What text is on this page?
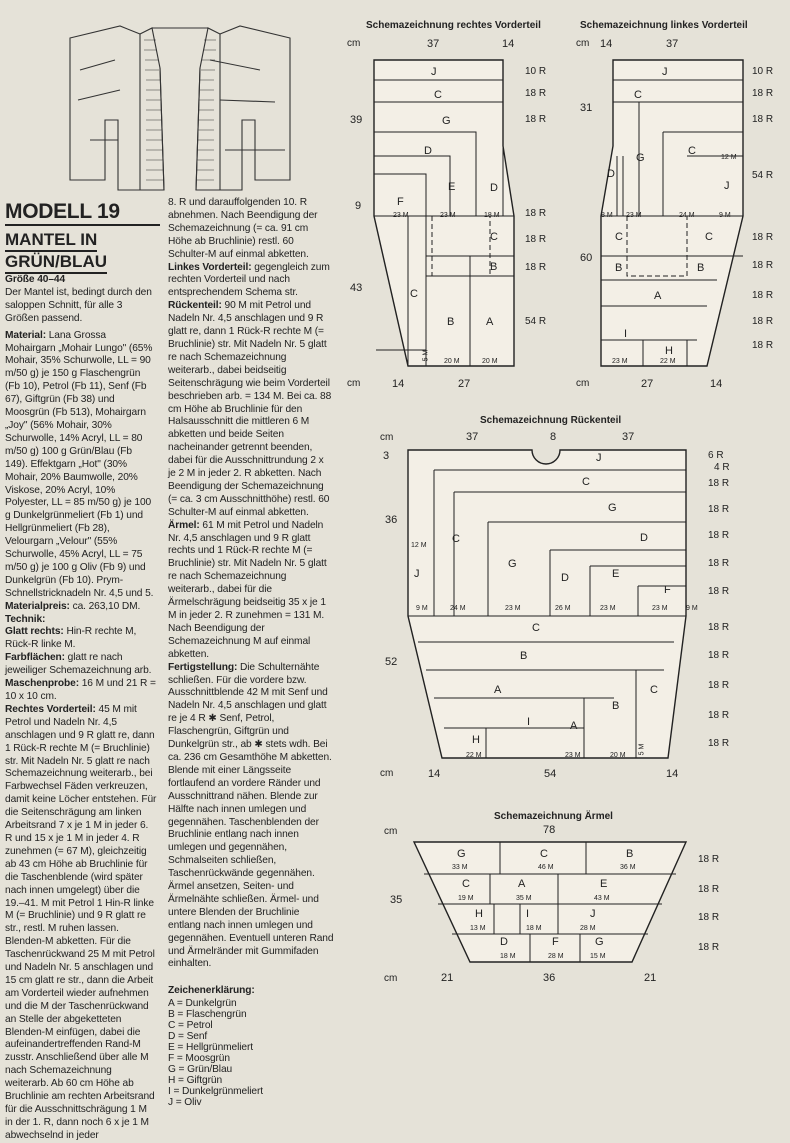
MODELL 19
MANTEL IN
GRÜN/BLAU

Größe 40–44

Der Mantel ist, bedingt durch den saloppen Schnitt, für alle 3 Größen passend.

Material: Lana Grossa Mohairgarn „Mohair Lungo" (65% Mohair, 35% Schurwolle, LL = 90 m/50 g) je 150 g Flaschengrün (Fb 10), Petrol (Fb 11), Senf (Fb 67), Giftgrün (Fb 38) und Moosgrün (Fb 513), Mohairgarn „Joy" (56% Mohair, 30% Schurwolle, 14% Acryl, LL = 80 m/50 g) 100 g Grün/Blau (Fb 149). Effektgarn „Hot" (30% Mohair, 20% Baumwolle, 20% Viskose, 20% Acryl, 10% Polyester, LL = 85 m/50 g) je 100 g Dunkelgrünmeliert (Fb 1) und Hellgrünmeliert (Fb 28), Velourgarn „Velour" (55% Schurwolle, 45% Acryl, LL = 75 m/50 g) je 100 g Oliv (Fb 9) und Dunkelgrün (Fb 10). Prym-Schnellstricknadeln Nr. 4,5 und 5.

Materialpreis: ca. 263,10 DM.

Technik:

Glatt rechts: Hin-R rechte M, Rück-R linke M.

Farbflächen: glatt re nach jeweiliger Schemazeichnung arb.

Maschenprobe: 16 M und 21 R = 10 x 10 cm.

Rechtes Vorderteil: 45 M mit Petrol und Nadeln Nr. 4,5 anschlagen und 9 R glatt re, dann 1 Rück-R rechte M (= Bruchlinie) str. Mit Nadeln Nr. 5 glatt re nach Schemazeichnung weiterarb., bei Farbwechsel Fäden verkreuzen, damit keine Löcher entstehen. Für die Seitenschrägung am linken Arbeitsrand 7 x je 1 M in jeder 6. R und 15 x je 1 M in jeder 4. R zunehmen (= 67 M), gleichzeitig ab 43 cm Höhe ab Bruchlinie für die Taschenblende (wird später nach innen umgelegt) über die 19.–41. M mit Petrol 1 Hin-R linke M (= Bruchlinie) und 9 R glatt re str., restl. M ruhen lassen. Blenden-M abketten. Für die Taschenrückwand 25 M mit Petrol und Nadeln Nr. 5 anschlagen und 15 cm glatt re str., dann die Arbeit am Vorderteil wieder aufnehmen und die M der Taschenrückwand an Stelle der abgeketteten Blenden-M einfügen, dabei die aufeinandertreffenden Rand-M zusstr. Anschließend über alle M nach Schemazeichnung weiterarb. Ab 60 cm Höhe ab Bruchlinie am rechten Arbeitsrand für die Ausschnittschrägung 1 M in der 1. R, dann noch 6 x je 1 M abwechselnd in jeder

8. R und darauffolgenden 10. R abnehmen. Nach Beendigung der Schemazeichnung (= ca. 91 cm Höhe ab Bruchlinie) restl. 60 Schulter-M auf einmal abketten.

Linkes Vorderteil: gegengleich zum rechten Vorderteil und nach entsprechendem Schema str.

Rückenteil: 90 M mit Petrol und Nadeln Nr. 4,5 anschlagen und 9 R glatt re, dann 1 Rück-R rechte M (= Bruchlinie) str. Mit Nadeln Nr. 5 glatt re nach Schemazeichnung weiterarb., dabei beidseitig Seitenschrägung wie beim Vorderteil beschrieben arb. = 134 M. Bei ca. 88 cm Höhe ab Bruchlinie für den Halsausschnitt die mittleren 6 M abketten und beide Seiten nacheinander getrennt beenden, dabei für die Ausschnittrundung 2 x je 2 M in jeder 2. R abketten. Nach Beendigung der Schemazeichnung (= ca. 3 cm Ausschnitthöhe) restl. 60 Schulter-M auf einmal abketten.

Ärmel: 61 M mit Petrol und Nadeln Nr. 4,5 anschlagen und 9 R glatt rechts und 1 Rück-R rechte M (= Bruchlinie) str. Mit Nadeln Nr. 5 glatt re nach Schemazeichnung weiterarb., dabei für die Ärmelschrägung beidseitig 35 x je 1 M in jeder 2. R zunehmen = 131 M. Nach Beendigung der Schemazeichnung M auf einmal abketten.

Fertigstellung: Die Schulternähte schließen. Für die vordere bzw. Ausschnittblende 42 M mit Senf und Nadeln Nr. 4,5 anschlagen und glatt re je 4 R ✱ Senf, Petrol, Flaschengrün, Giftgrün und Dunkelgrün str., ab ✱ stets wdh. Bei ca. 236 cm Gesamthöhe M abketten. Blende mit einer Längsseite fortlaufend an vordere Ränder und Ausschnittrand nähen. Blende zur Hälfte nach innen umlegen und gegennähen. Taschenblenden der Bruchlinie entlang nach innen umlegen und gegennähen, Schmalseiten schließen, Taschenrückwände gegennähen. Ärmel ansetzen, Seiten- und Ärmelnähte schließen. Ärmel- und untere Blenden der Bruchlinie entlang nach innen umlegen und gegennähen. Eventuell unteren Rand und Ärmelränder mit Gummifaden einhalten.

Zeichenerklärung:

A = Dunkelgrün
B = Flaschengrün
C = Petrol
D = Senf
E = Hellgrünmeliert
F = Moosgrün
G = Grün/Blau
H = Giftgrün
I = Dunkelgrünmeliert
J = Oliv
Schemazeichnung rechtes Vorderteil	Schemazeichnung linkes Vorderteil
Schemazeichnung Rückenteil
Schemazeichnung Ärmel
J
C
G
D
E	D
F
C
C
B
B	A
23 M	23 M	18 M
20 M	20 M
5 M
cm	37	14
39
9
43
cm	14	27
10 R
18 R
18 R
18 R
18 R
18 R
54 R
J
C
G
C
D
J
C	C
B	B
A
I
H
12 M
8 M 23 M	24 M	9 M
23 M	22 M
cm 14	37
31
60
cm	27	14
10 R
18 R
18 R
54 R
18 R
18 R
18 R
18 R
18 R
J
C
G
C	D
J
G
D	E
F
C
B
A
I	A
H
B
C
12 M
9 M	24 M	23 M	26 M	23 M	23 M	9 M
22 M	23 M	20 M
5 M
cm	37	8	37
3
36
52
cm	14	54	14
6 R
4 R
18 R
18 R
18 R
18 R
18 R
18 R
18 R
18 R
18 R
18 R
G	C	B
C	A	E
H	I	J
D	F	G
33 M	46 M	36 M
19 M	35 M	43 M
13 M	18 M	28 M
18 M	28 M	15 M
cm	78
35
cm	21	36	21
18 R
18 R
18 R
18 R
